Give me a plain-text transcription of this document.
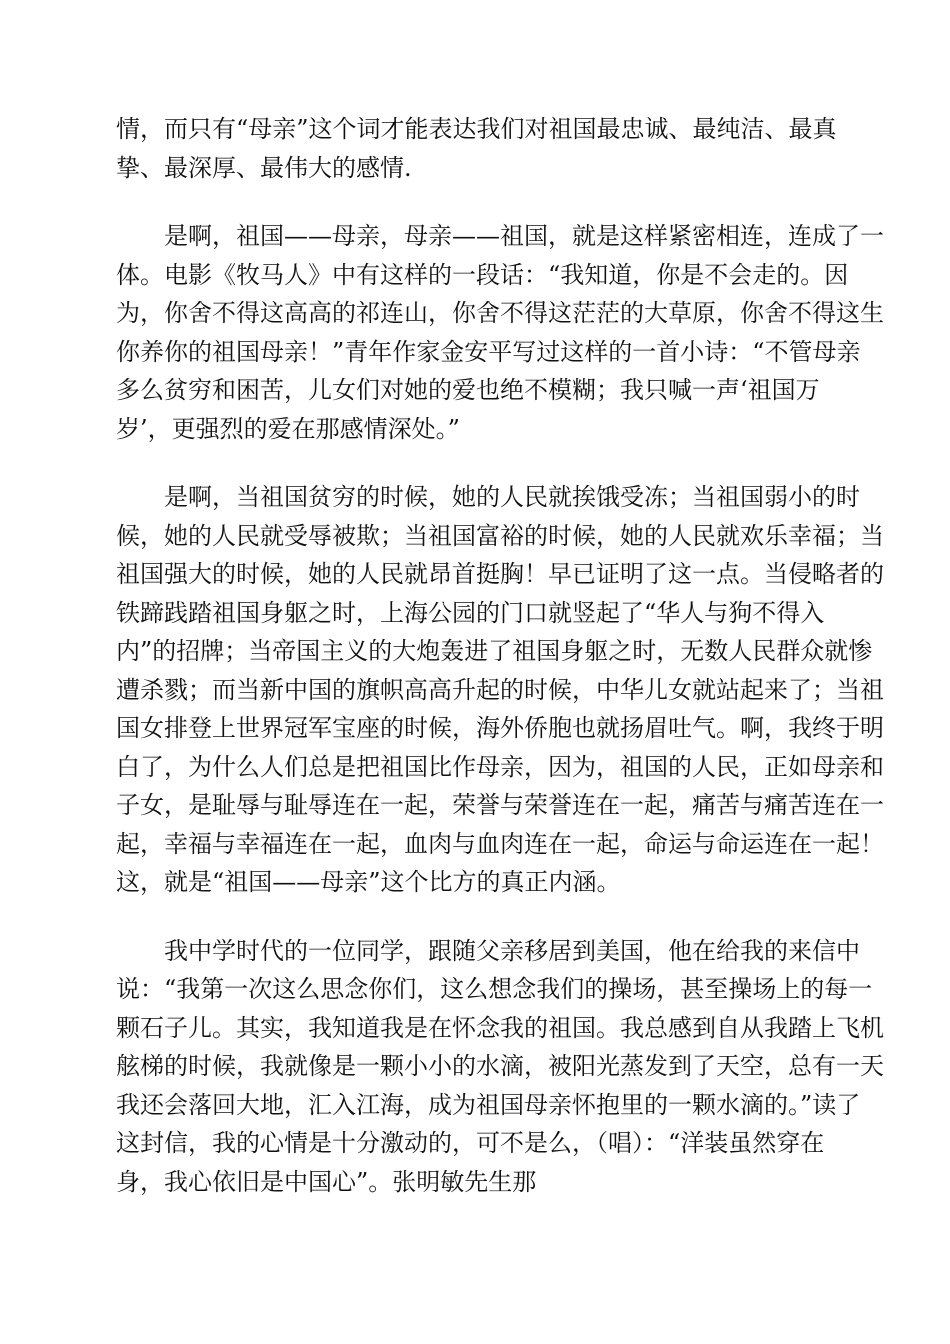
情，而只有“母亲”这个词才能表达我们对祖国最忠诚、最纯洁、最真
挚、最深厚、最伟大的感情.
是啊，祖国——母亲，母亲——祖国，就是这样紧密相连，连成了一
体。电影《牧马人》中有这样的一段话：“我知道，你是不会走的。因
为，你舍不得这高高的祁连山，你舍不得这茫茫的大草原，你舍不得这生
你养你的祖国母亲！”青年作家金安平写过这样的一首小诗：“不管母亲
多么贫穷和困苦，儿女们对她的爱也绝不模糊；我只喊一声‘祖国万
岁’，更强烈的爱在那感情深处。”
是啊，当祖国贫穷的时候，她的人民就挨饿受冻；当祖国弱小的时
候，她的人民就受辱被欺；当祖国富裕的时候，她的人民就欢乐幸福；当
祖国强大的时候，她的人民就昂首挺胸！早已证明了这一点。当侵略者的
铁蹄践踏祖国身躯之时，上海公园的门口就竖起了“华人与狗不得入
内”的招牌；当帝国主义的大炮轰进了祖国身躯之时，无数人民群众就惨
遭杀戮；而当新中国的旗帜高高升起的时候，中华儿女就站起来了；当祖
国女排登上世界冠军宝座的时候，海外侨胞也就扬眉吐气。啊，我终于明
白了，为什么人们总是把祖国比作母亲，因为，祖国的人民，正如母亲和
子女，是耻辱与耻辱连在一起，荣誉与荣誉连在一起，痛苦与痛苦连在一
起，幸福与幸福连在一起，血肉与血肉连在一起，命运与命运连在一起！
这，就是“祖国——母亲”这个比方的真正内涵。
我中学时代的一位同学，跟随父亲移居到美国，他在给我的来信中
说：“我第一次这么思念你们，这么想念我们的操场，甚至操场上的每一
颗石子儿。其实，我知道我是在怀念我的祖国。我总感到自从我踏上飞机
舷梯的时候，我就像是一颗小小的水滴，被阳光蒸发到了天空，总有一天
我还会落回大地，汇入江海，成为祖国母亲怀抱里的一颗水滴的。”读了
这封信，我的心情是十分激动的，可不是么，（唱）：“洋装虽然穿在
身，我心依旧是中国心”。张明敏先生那
